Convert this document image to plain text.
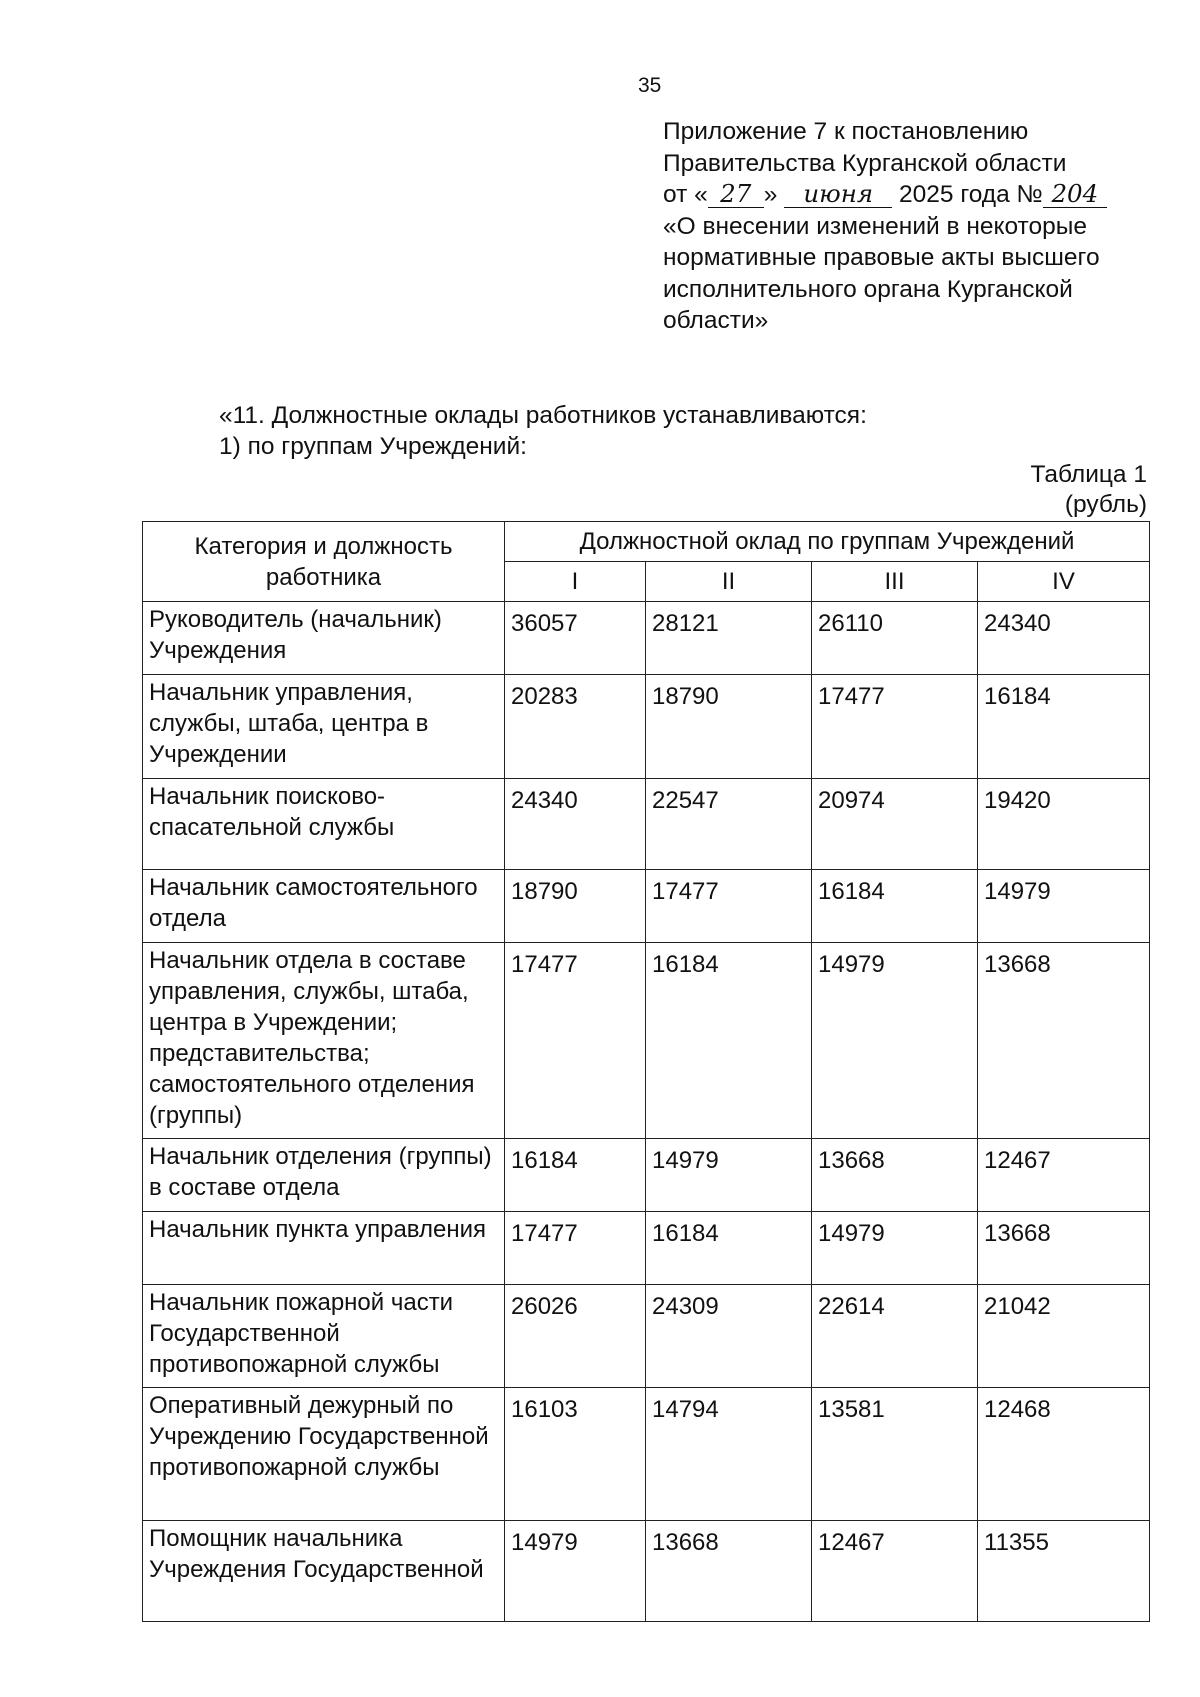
35
Приложение 7 к постановлению
Правительства Курганской области
от « 27 » июня 2025 года № 204
«О внесении изменений в некоторые
нормативные правовые акты высшего
исполнительного органа Курганской
области»
«11. Должностные оклады работников устанавливаются:
1) по группам Учреждений:
Таблица 1
(рубль)
Категория и должность работника	Должностной оклад по группам Учреждений			
	I	II	III	IV
Руководитель (начальник) Учреждения	36057	28121	26110	24340
Начальник управления, службы, штаба, центра в Учреждении	20283	18790	17477	16184
Начальник поисково-спасательной службы	24340	22547	20974	19420
Начальник самостоятельного отдела	18790	17477	16184	14979
Начальник отдела в составе управления, службы, штаба, центра в Учреждении; представительства; самостоятельного отделения (группы)	17477	16184	14979	13668
Начальник отделения (группы) в составе отдела	16184	14979	13668	12467
Начальник пункта управления	17477	16184	14979	13668
Начальник пожарной части Государственной противопожарной службы	26026	24309	22614	21042
Оперативный дежурный по Учреждению Государственной противопожарной службы	16103	14794	13581	12468
Помощник начальника Учреждения Государственной	14979	13668	12467	11355
